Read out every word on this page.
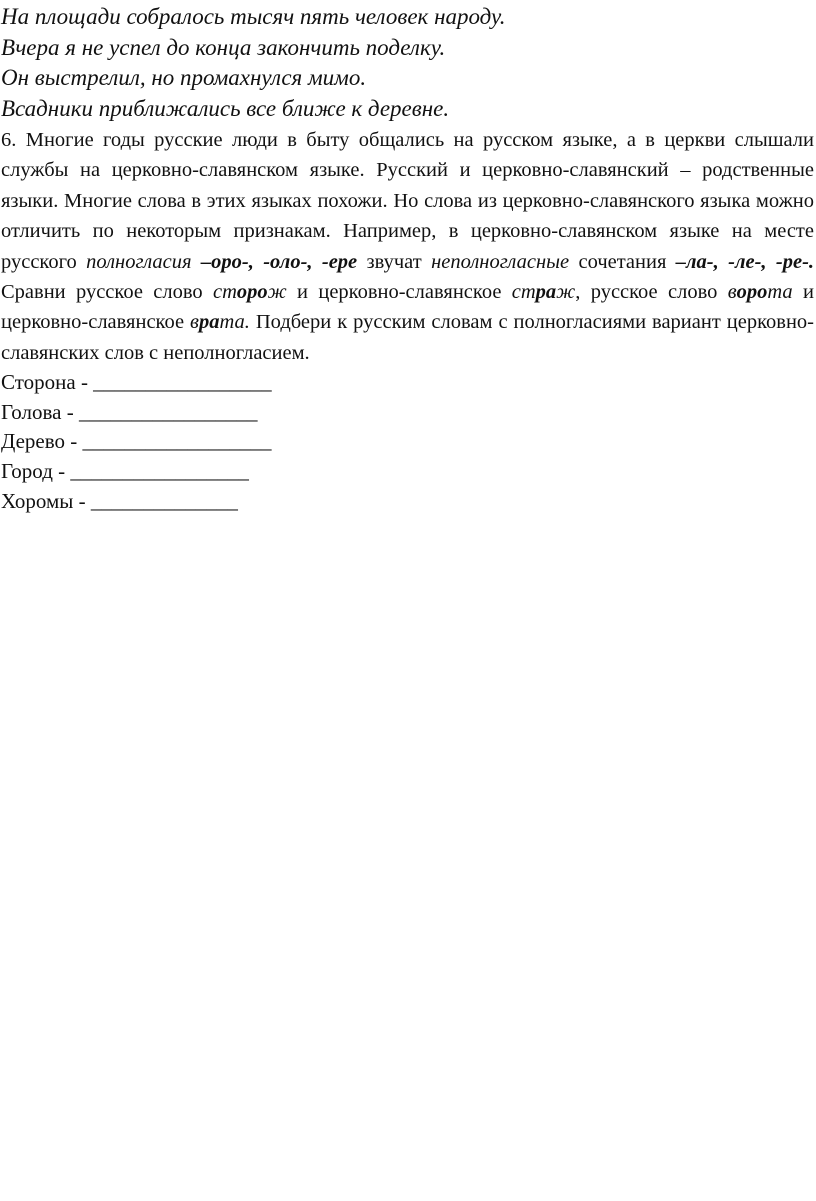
На площади собралось тысяч пять человек народу.
Вчера я не успел до конца закончить поделку.
Он выстрелил, но промахнулся мимо.
Всадники приближались все ближе к деревне.
6. Многие годы русские люди в быту общались на русском языке, а в церкви слышали службы на церковно-славянском языке. Русский и церковно-славянский – родственные языки. Многие слова в этих языках похожи. Но слова из церковно-славянского языка можно отличить по некоторым признакам. Например, в церковно-славянском языке на месте русского полногласия –оро-, -оло-, -ере звучат неполногласные сочетания –ла-, -ле-, -ре-. Сравни русское слово сторож и церковно-славянское страж, русское слово ворота и церковно-славянское врата. Подбери к русским словам с полногласиями вариант церковно-славянских слов с неполногласием.
Сторона - _________________
Голова - _________________
Дерево - __________________
Город - _________________
Хоромы - ______________
